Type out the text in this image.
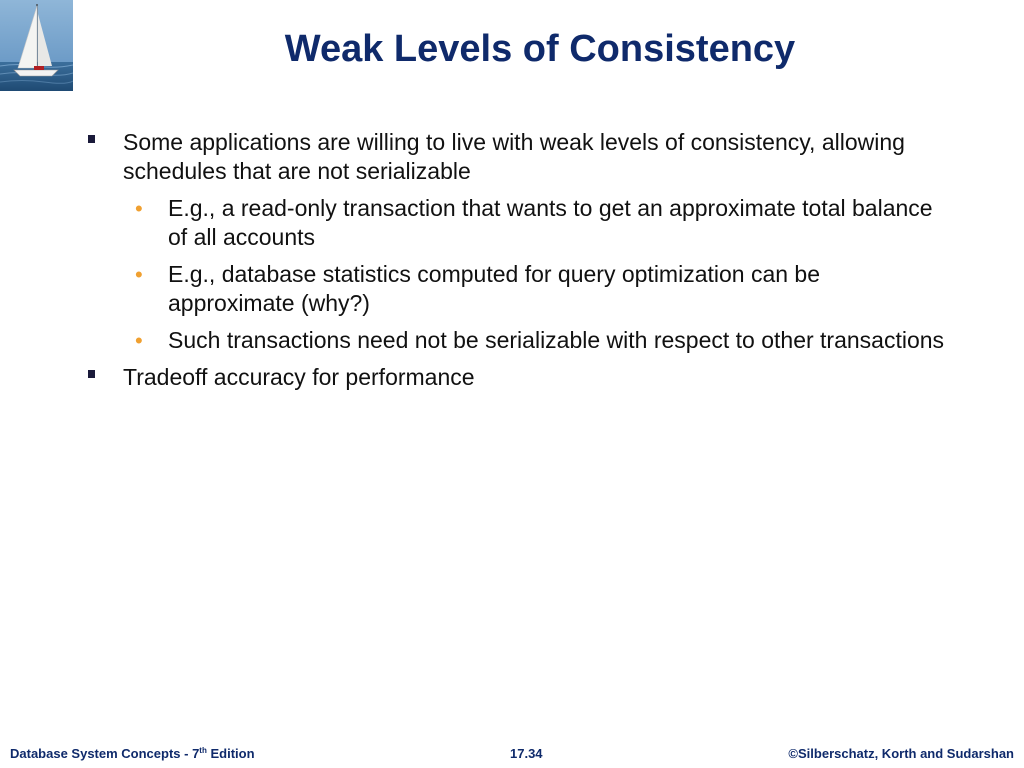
Weak Levels of Consistency
Some applications are willing to live with weak levels of consistency, allowing schedules that are not serializable
• E.g., a read-only transaction that wants to get an approximate total balance of all accounts
• E.g., database statistics computed for query optimization can be approximate (why?)
• Such transactions need not be serializable with respect to other transactions
Tradeoff accuracy for performance
Database System Concepts - 7th Edition	17.34	©Silberschatz, Korth and Sudarshan
